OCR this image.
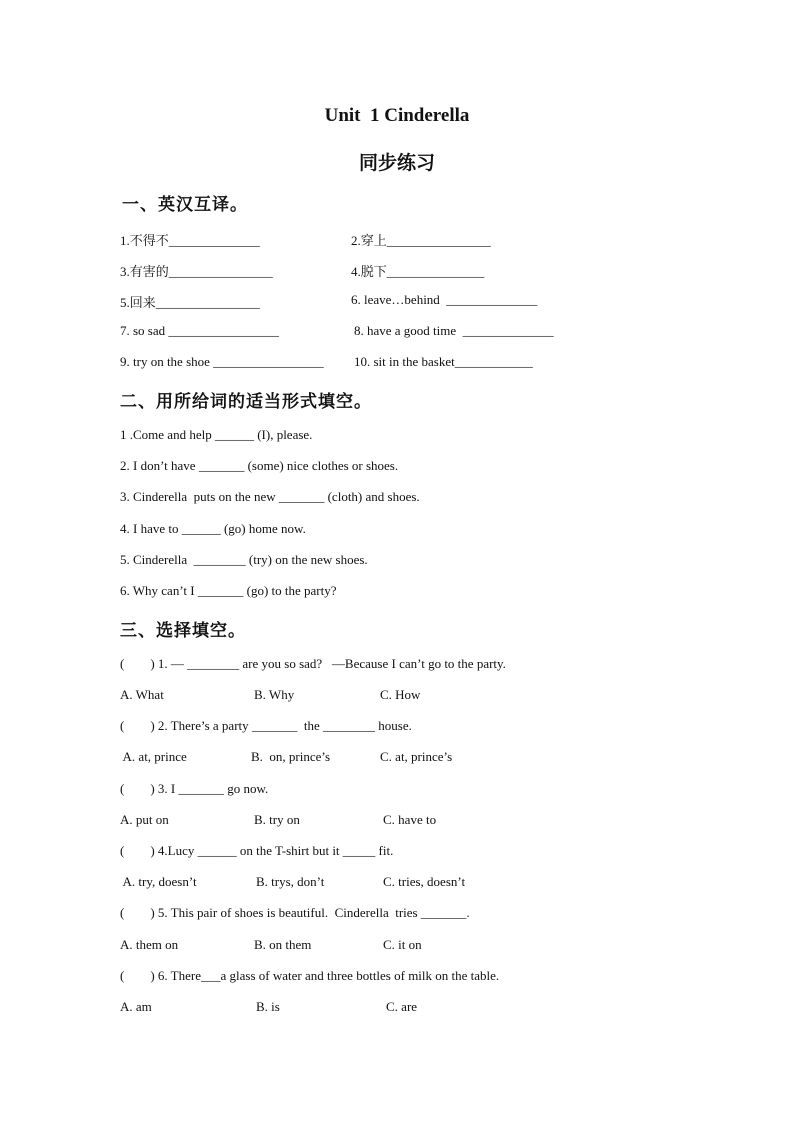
Unit  1 Cinderella
同步练习
一、英汉互译。
1.不得不______________	2.穿上________________
3.有害的________________	4.脱下_______________
5.回来________________	6. leave…behind  ______________
7. so sad _________________	8. have a good time  ______________
9. try on the shoe _________________ 10. sit in the basket____________
二、用所给词的适当形式填空。
1 .Come and help ______ (I), please.
2. I don’t have _______ (some) nice clothes or shoes.
3. Cinderella  puts on the new _______ (cloth) and shoes.
4. I have to ______ (go) home now.
5. Cinderella  ________ (try) on the new shoes.
6. Why can’t I _______ (go) to the party?
三、选择填空。
(        ) 1. — ________ are you so sad?   —Because I can’t go to the party.
A. What	B. Why	C. How
(        ) 2. There’s a party _______  the ________ house.
A. at, prince	B.  on, prince’s	C. at, prince’s
(        ) 3. I _______ go now.
A. put on	B. try on	C. have to
(        ) 4.Lucy ______ on the T-shirt but it _____ fit.
A. try, doesn’t	B. trys, don’t	C. tries, doesn’t
(        ) 5. This pair of shoes is beautiful.  Cinderella  tries _______.
A. them on	B. on them	C. it on
(        ) 6. There___a glass of water and three bottles of milk on the table.
A. am	B. is	C. are
